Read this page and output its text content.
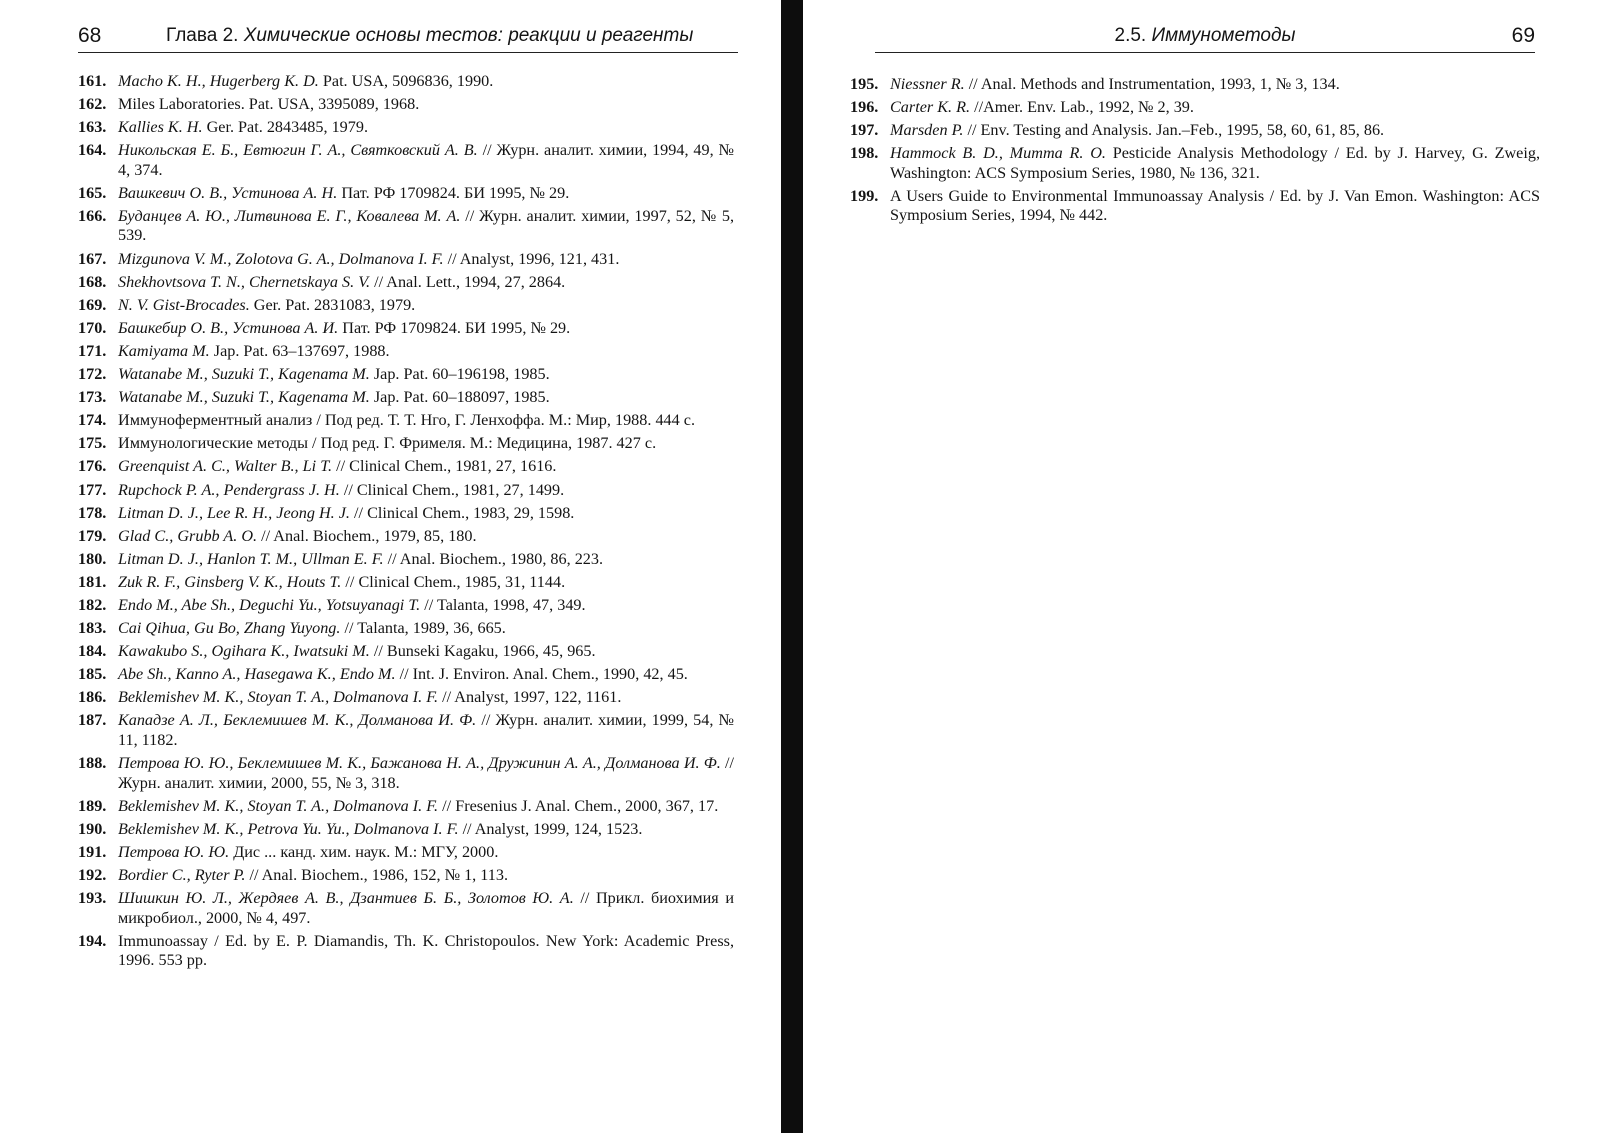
68	Глава 2. Химические основы тестов: реакции и реагенты
161. Macho K. H., Hugerberg K. D. Pat. USA, 5096836, 1990.
162. Miles Laboratories. Pat. USA, 3395089, 1968.
163. Kallies K. H. Ger. Pat. 2843485, 1979.
164. Никольская Е. Б., Евтюгин Г. А., Святковский А. В. // Журн. аналит. химии, 1994, 49, № 4, 374.
165. Вашкевич О. В., Устинова А. Н. Пат. РФ 1709824. БИ 1995, № 29.
166. Буданцев А. Ю., Литвинова Е. Г., Ковалева М. А. // Журн. аналит. химии, 1997, 52, № 5, 539.
167. Mizgunova V. M., Zolotova G. A., Dolmanova I. F. // Analyst, 1996, 121, 431.
168. Shekhovtsova T. N., Chernetskaya S. V. // Anal. Lett., 1994, 27, 2864.
169. N. V. Gist-Brocades. Ger. Pat. 2831083, 1979.
170. Башкебир О. В., Устинова А. И. Пат. РФ 1709824. БИ 1995, № 29.
171. Kamiyama M. Jap. Pat. 63–137697, 1988.
172. Watanabe M., Suzuki T., Kagenama M. Jap. Pat. 60–196198, 1985.
173. Watanabe M., Suzuki T., Kagenama M. Jap. Pat. 60–188097, 1985.
174. Иммуноферментный анализ / Под ред. Т. Т. Нго, Г. Ленхоффа. М.: Мир, 1988. 444 с.
175. Иммунологические методы / Под ред. Г. Фримеля. М.: Медицина, 1987. 427 с.
176. Greenquist A. C., Walter B., Li T. // Clinical Chem., 1981, 27, 1616.
177. Rupchock P. A., Pendergrass J. H. // Clinical Chem., 1981, 27, 1499.
178. Litman D. J., Lee R. H., Jeong H. J. // Clinical Chem., 1983, 29, 1598.
179. Glad C., Grubb A. O. // Anal. Biochem., 1979, 85, 180.
180. Litman D. J., Hanlon T. M., Ullman E. F. // Anal. Biochem., 1980, 86, 223.
181. Zuk R. F., Ginsberg V. K., Houts T. // Clinical Chem., 1985, 31, 1144.
182. Endo M., Abe Sh., Deguchi Yu., Yotsuyanagi T. // Talanta, 1998, 47, 349.
183. Cai Qihua, Gu Bo, Zhang Yuyong. // Talanta, 1989, 36, 665.
184. Kawakubo S., Ogihara K., Iwatsuki M. // Bunseki Kagaku, 1966, 45, 965.
185. Abe Sh., Kanno A., Hasegawa K., Endo M. // Int. J. Environ. Anal. Chem., 1990, 42, 45.
186. Beklemishev M. K., Stoyan T. A., Dolmanova I. F. // Analyst, 1997, 122, 1161.
187. Кападзе А. Л., Беклемишев М. К., Долманова И. Ф. // Журн. аналит. химии, 1999, 54, № 11, 1182.
188. Петрова Ю. Ю., Беклемишев М. К., Бажанова Н. А., Дружинин А. А., Долманова И. Ф. // Журн. аналит. химии, 2000, 55, № 3, 318.
189. Beklemishev M. K., Stoyan T. A., Dolmanova I. F. // Fresenius J. Anal. Chem., 2000, 367, 17.
190. Beklemishev M. K., Petrova Yu. Yu., Dolmanova I. F. // Analyst, 1999, 124, 1523.
191. Петрова Ю. Ю. Дис ... канд. хим. наук. М.: МГУ, 2000.
192. Bordier C., Ryter P. // Anal. Biochem., 1986, 152, № 1, 113.
193. Шишкин Ю. Л., Жердяев А. В., Дзантиев Б. Б., Золотов Ю. А. // Прикл. биохимия и микробиол., 2000, № 4, 497.
194. Immunoassay / Ed. by E. P. Diamandis, Th. K. Christopoulos. New York: Academic Press, 1996. 553 pp.
2.5. Иммунометоды	69
195. Niessner R. // Anal. Methods and Instrumentation, 1993, 1, № 3, 134.
196. Carter K. R. //Amer. Env. Lab., 1992, № 2, 39.
197. Marsden P. // Env. Testing and Analysis. Jan.–Feb., 1995, 58, 60, 61, 85, 86.
198. Hammock B. D., Mumma R. O. Pesticide Analysis Methodology / Ed. by J. Harvey, G. Zweig, Washington: ACS Symposium Series, 1980, № 136, 321.
199. A Users Guide to Environmental Immunoassay Analysis / Ed. by J. Van Emon. Washington: ACS Symposium Series, 1994, № 442.
